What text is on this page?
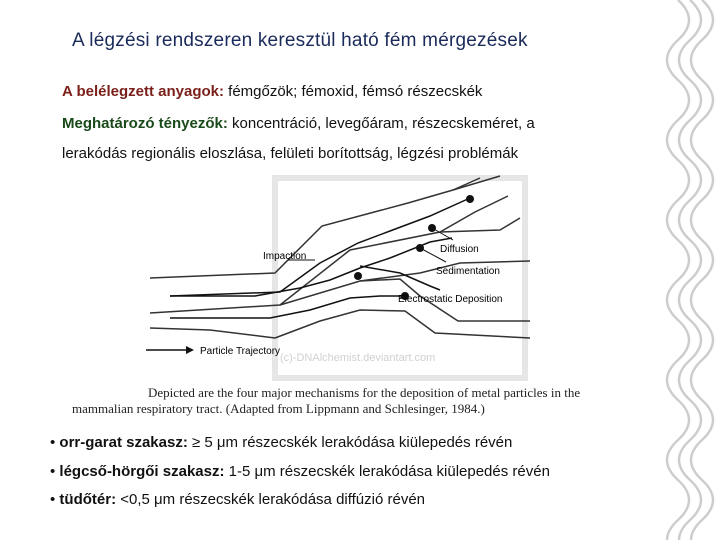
A légzési rendszeren keresztül ható fém mérgezések
A belélegzett anyagok: fémgőzök; fémoxid, fémsó részecskék
Meghatározó tényezők: koncentráció, levegőáram, részecskeméret, a
lerakódás regionális eloszlása, felületi borítottság, légzési problémák
(c)-DNAlchemist.deviantart.com
Impaction
Diffusion
Sedimentation
Electrostatic Deposition
Particle Trajectory
Depicted are the four major mechanisms for the deposition of metal particles in the
mammalian respiratory tract. (Adapted from Lippmann and Schlesinger, 1984.)
• orr-garat szakasz: ≥ 5 μm részecskék lerakódása kiülepedés révén
• légcső-hörgői szakasz: 1-5 μm részecskék lerakódása kiülepedés révén
• tüdőtér: <0,5 μm részecskék lerakódása diffúzió révén
